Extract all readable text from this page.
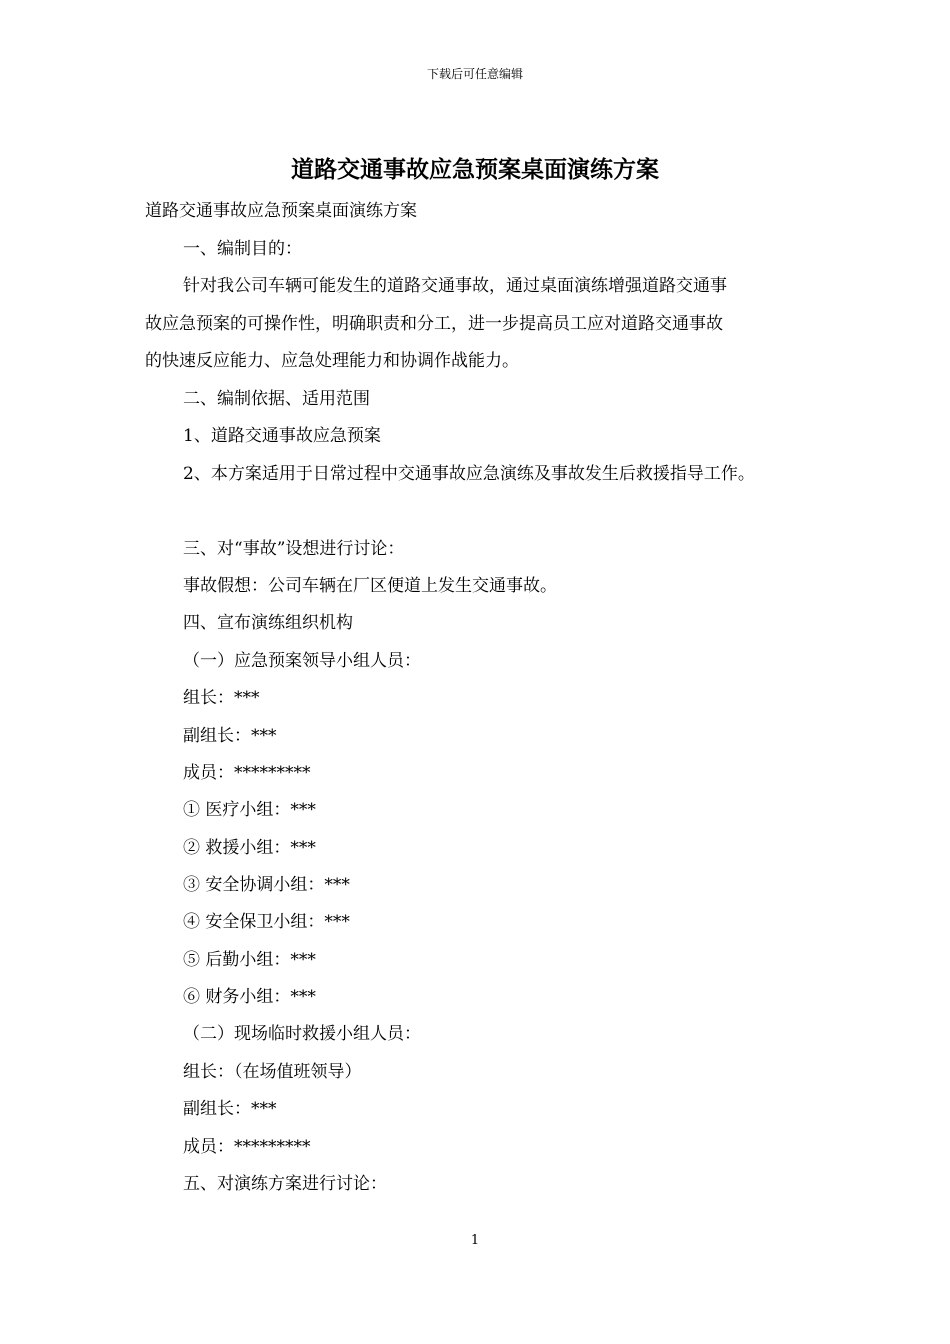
下载后可任意编辑
道路交通事故应急预案桌面演练方案

道路交通事故应急预案桌面演练方案

一、编制目的：

针对我公司车辆可能发生的道路交通事故，通过桌面演练增强道路交通事

故应急预案的可操作性，明确职责和分工，进一步提高员工应对道路交通事故

的快速反应能力、应急处理能力和协调作战能力。

二、编制依据、适用范围

1、道路交通事故应急预案

2、本方案适用于日常过程中交通事故应急演练及事故发生后救援指导工作。

三、对“事故”设想进行讨论：

事故假想：公司车辆在厂区便道上发生交通事故。

四、宣布演练组织机构

（一）应急预案领导小组人员：

组长：***

副组长：***

成员：*********

① 医疗小组：***

② 救援小组：***

③ 安全协调小组：***

④ 安全保卫小组：***

⑤ 后勤小组：***

⑥ 财务小组：***

（二）现场临时救援小组人员：

组长：（在场值班领导）

副组长：***

成员：*********

五、对演练方案进行讨论：

1
